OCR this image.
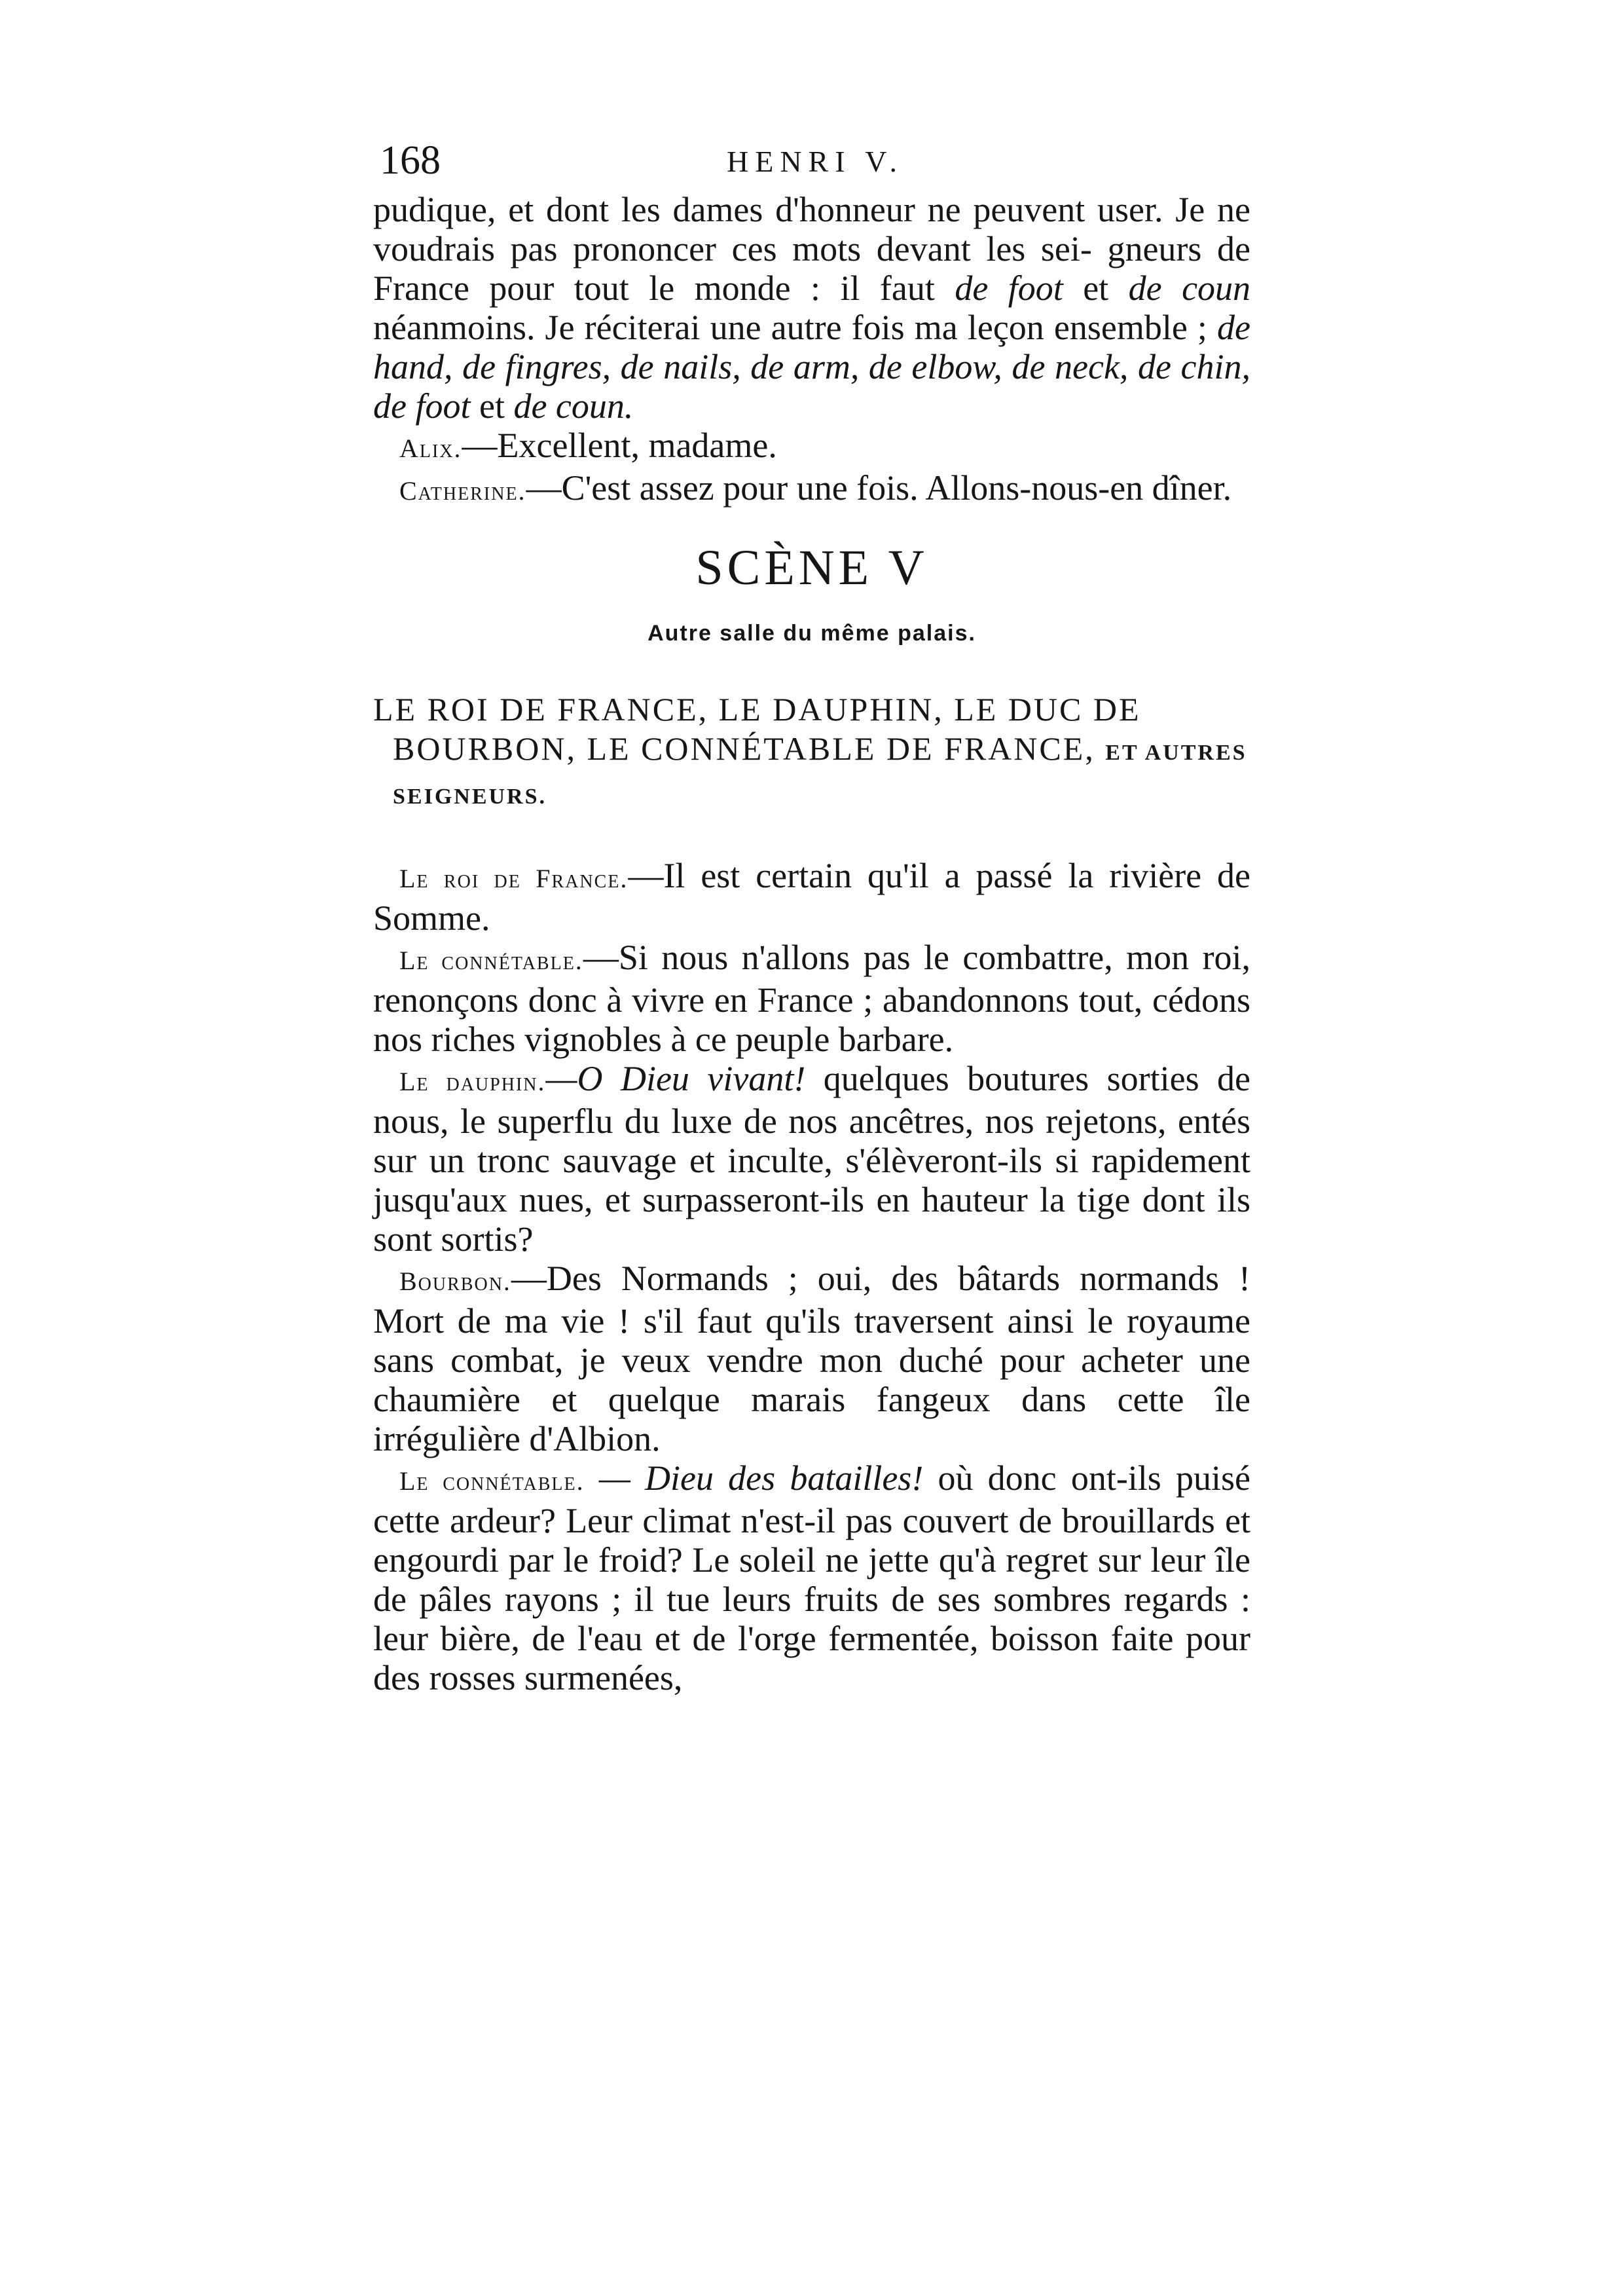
168	HENRI V.

pudique, et dont les dames d'honneur ne peuvent user. Je ne voudrais pas prononcer ces mots devant les sei- gneurs de France pour tout le monde : il faut de foot et de coun néanmoins. Je réciterai une autre fois ma leçon ensemble ; de hand, de fingres, de nails, de arm, de elbow, de neck, de chin, de foot et de coun.

Alix.—Excellent, madame.

Catherine.—C'est assez pour une fois. Allons-nous-en dîner.

SCÈNE V
Autre salle du même palais.

LE ROI DE FRANCE, LE DAUPHIN, LE DUC DE BOURBON, LE CONNÉTABLE DE FRANCE, ET AUTRES SEIGNEURS.

Le roi de France.—Il est certain qu'il a passé la rivière de Somme.

Le connétable.—Si nous n'allons pas le combattre, mon roi, renonçons donc à vivre en France ; abandonnons tout, cédons nos riches vignobles à ce peuple barbare.

Le dauphin.—O Dieu vivant! quelques boutures sorties de nous, le superflu du luxe de nos ancêtres, nos rejetons, entés sur un tronc sauvage et inculte, s'élèveront-ils si rapidement jusqu'aux nues, et surpasseront-ils en hauteur la tige dont ils sont sortis?

Bourbon.—Des Normands ; oui, des bâtards normands ! Mort de ma vie ! s'il faut qu'ils traversent ainsi le royaume sans combat, je veux vendre mon duché pour acheter une chaumière et quelque marais fangeux dans cette île irrégulière d'Albion.

Le connétable. — Dieu des batailles! où donc ont-ils puisé cette ardeur? Leur climat n'est-il pas couvert de brouillards et engourdi par le froid? Le soleil ne jette qu'à regret sur leur île de pâles rayons ; il tue leurs fruits de ses sombres regards : leur bière, de l'eau et de l'orge fermentée, boisson faite pour des rosses surmenées,
